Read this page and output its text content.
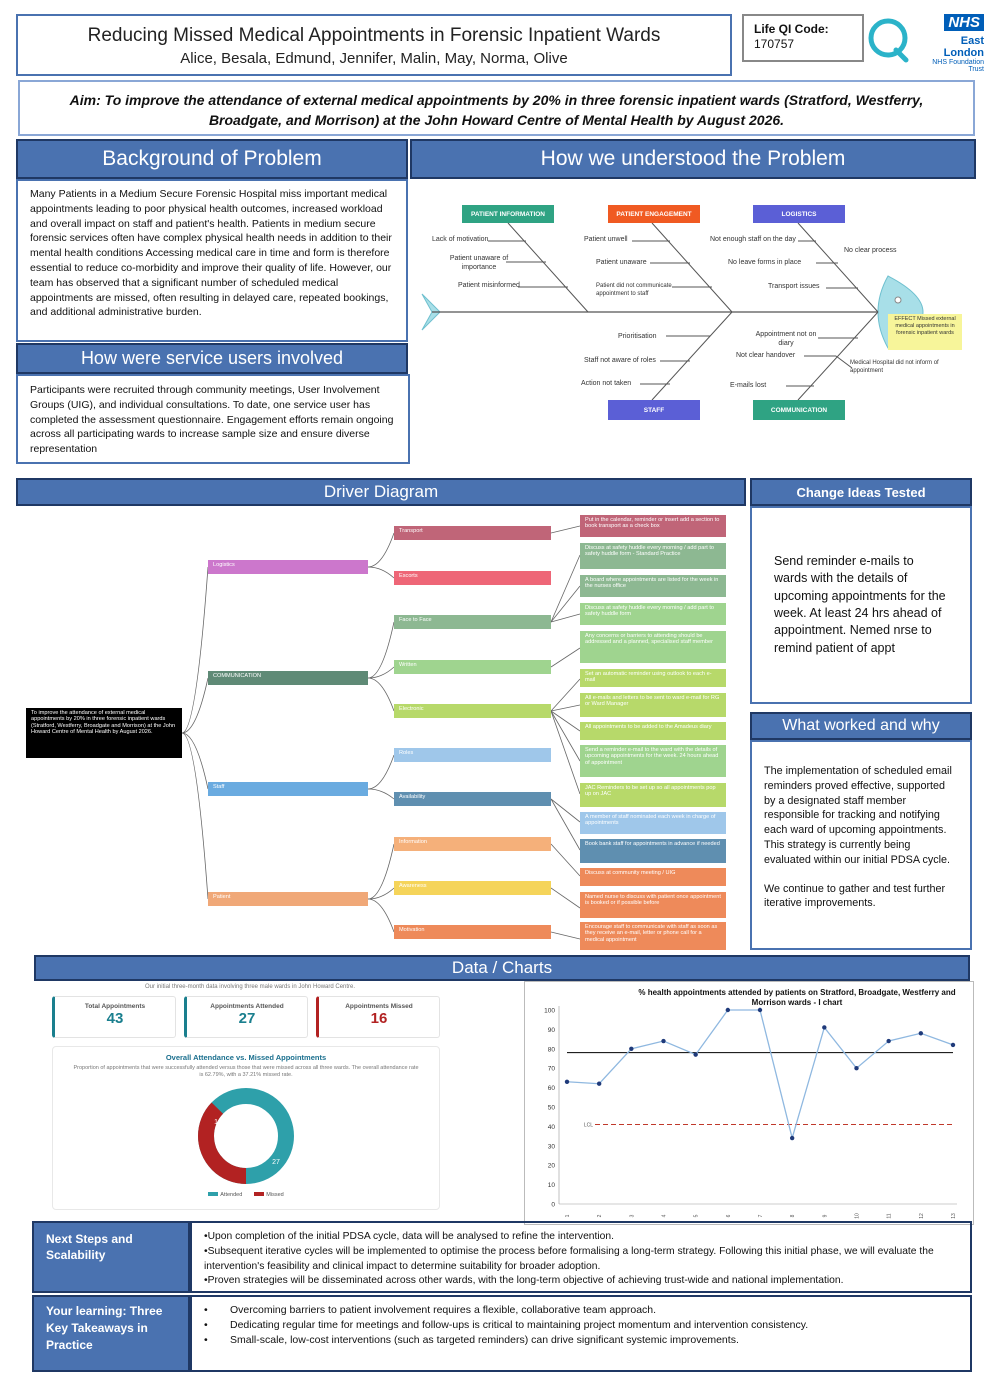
Reducing Missed Medical Appointments in Forensic Inpatient Wards
Alice, Besala, Edmund, Jennifer, Malin, May, Norma, Olive
Life QI Code:
170757
NHS
East London
NHS Foundation Trust
Aim: To improve the attendance of external medical appointments by 20% in three forensic inpatient wards (Stratford, Westferry, Broadgate, and Morrison) at the John Howard Centre of Mental Health by August 2026.
Background of Problem
Many Patients in a Medium Secure Forensic Hospital miss important medical appointments leading to poor physical health outcomes, increased workload and overall impact on staff and patient's health. Patients in medium secure forensic services often have complex physical health needs in addition to their mental health conditions Accessing medical care in time and form is therefore essential to reduce co-morbidity and improve their quality of life. However, our team has observed that a significant number of scheduled medical appointments are missed, often resulting in delayed care, repeated bookings, and additional administrative burden.
How were service users involved
Participants were recruited through community meetings, User Involvement Groups (UIG), and individual consultations. To date, one service user has completed the assessment questionnaire. Engagement efforts remain ongoing across all participating wards to increase sample size and ensure diverse representation
How we understood the Problem
PATIENT INFORMATION	PATIENT ENGAGEMENT	LOGISTICS
STAFF	COMMUNICATION
Lack of motivation
Patient unaware of importance
Patient misinformed
Patient unwell
Patient unaware
Patient did not communicate appointment to staff
Not enough staff on the day
No clear process
No leave forms in place
Transport issues
Prioritisation
Staff not aware of roles
Action not taken
Appointment not on diary
Not clear handover
Medical Hospital did not inform of appointment
E-mails lost
EFFECT Missed external medical appointments in forensic inpatient wards
Driver Diagram
To improve the attendance of external medical appointments by 20% in three forensic inpatient wards (Stratford, Westferry, Broadgate and Morrison) at the John Howard Centre of Mental Health by August 2026.
Logistics
COMMUNICATION
Staff
Patient
Transport
Escorts
Face to Face
Written
Electronic
Roles
Availability
Information
Awareness
Motivation
Put in the calendar, reminder or insert add a section to book transport as a check box
Discuss at safety huddle every morning / add part to safety huddle form - Standard Practice
A board where appointments are listed for the week in the nurses office
Discuss at safety huddle every morning / add part to safety huddle form
Any concerns or barriers to attending should be addressed and a planned, specialised staff member
Set an automatic reminder using outlook to each e-mail
All e-mails and letters to be sent to ward e-mail for RG or Ward Manager
All appointments to be added to the Amadeus diary
Send a reminder e-mail to the ward with the details of upcoming appointments for the week. 24 hours ahead of appointment
JAC Reminders to be set up so all appointments pop up on JAC
A member of staff nominated each week in charge of appointments
Book bank staff for appointments in advance if needed
Discuss at community meeting / UIG
Named nurse to discuss with patient once appointment is booked or if possible before
Encourage staff to communicate with staff as soon as they receive an e-mail, letter or phone call for a medical appointment
Change Ideas Tested
Send reminder e-mails to wards with the details of upcoming appointments for the week. At least 24 hrs ahead of appointment. Nemed nrse to remind patient of appt
What worked and why
The implementation of scheduled email reminders proved effective, supported by a designated staff member responsible for tracking and notifying each ward of upcoming appointments. This strategy is currently being evaluated within our initial PDSA cycle.
We continue to gather and test further iterative improvements.
Data / Charts
Our initial three-month data involving three male wards in John Howard Centre.
Total Appointments
43
Appointments Attended
27
Appointments Missed
16
Overall Attendance vs. Missed Appointments
Proportion of appointments that were successfully attended versus those that were missed across all three wards. The overall attendance rate is 62.79%, with a 37.21% missed rate.
27
16
Attended	Missed
% health appointments attended by patients on Stratford, Broadgate, Westferry and Morrison wards - I chart
0
10
20
30
40
50
60
70
80
90
100
LCL
1	2	3	4	5	6	7	8	9	10	11	12	13
Next Steps and Scalability
•Upon completion of the initial PDSA cycle, data will be analysed to refine the intervention.
•Subsequent iterative cycles will be implemented to optimise the process before formalising a long-term strategy. Following this initial phase, we will evaluate the intervention's feasibility and clinical impact to determine suitability for broader adoption.
•Proven strategies will be disseminated across other wards, with the long-term objective of achieving trust-wide and national implementation.
Your learning: Three Key Takeaways in Practice
•	Overcoming barriers to patient involvement requires a flexible, collaborative team approach.
•	Dedicating regular time for meetings and follow-ups is critical to maintaining project momentum and intervention consistency.
•	Small-scale, low-cost interventions (such as targeted reminders) can drive significant systemic improvements.
